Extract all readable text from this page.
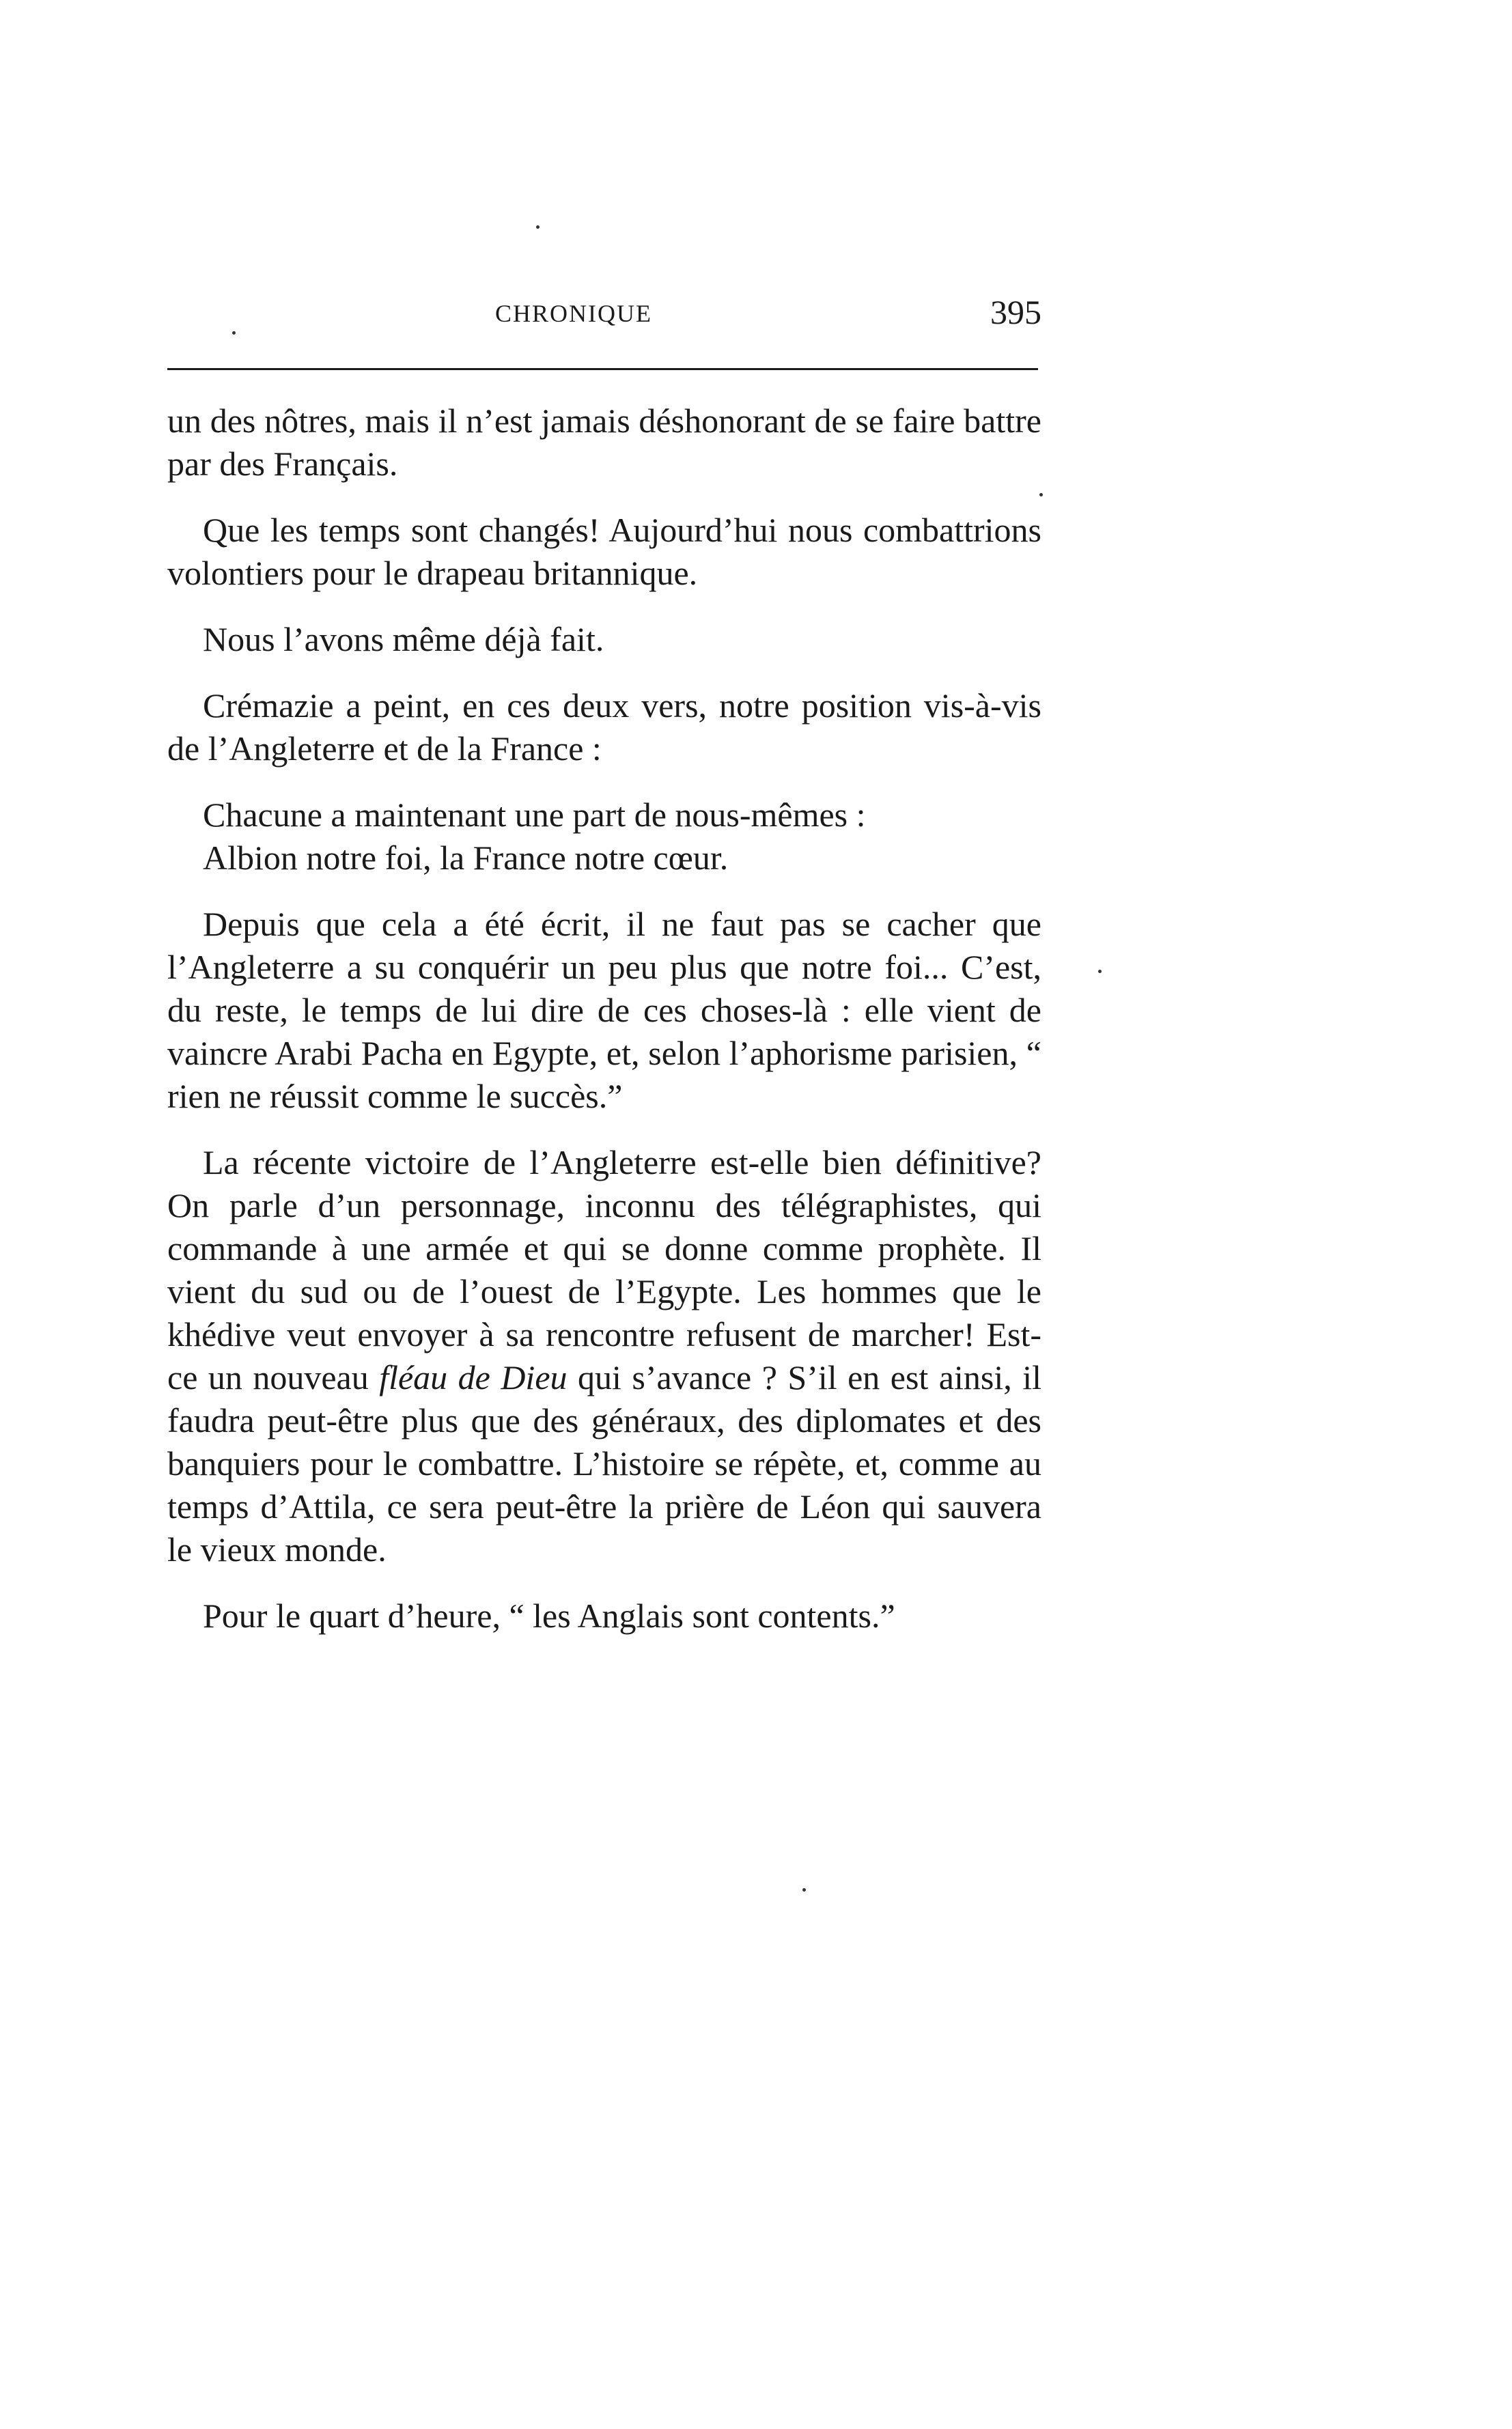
CHRONIQUE	395

un des nôtres, mais il n’est jamais déshonorant de se faire battre par des Français.

Que les temps sont changés! Aujourd’hui nous combattrions volontiers pour le drapeau britannique.

Nous l’avons même déjà fait.

Crémazie a peint, en ces deux vers, notre position vis-à-vis de l’Angleterre et de la France :

Chacune a maintenant une part de nous-mêmes :
Albion notre foi, la France notre cœur.

Depuis que cela a été écrit, il ne faut pas se cacher que l’Angleterre a su conquérir un peu plus que notre foi... C’est, du reste, le temps de lui dire de ces choses-là : elle vient de vaincre Arabi Pacha en Egypte, et, selon l’aphorisme parisien, “ rien ne réussit comme le succès.”

La récente victoire de l’Angleterre est-elle bien définitive? On parle d’un personnage, inconnu des télégraphistes, qui commande à une armée et qui se donne comme prophète. Il vient du sud ou de l’ouest de l’Egypte. Les hommes que le khédive veut envoyer à sa rencontre refusent de marcher! Est-ce un nouveau fléau de Dieu qui s’avance ? S’il en est ainsi, il faudra peut-être plus que des généraux, des diplomates et des banquiers pour le combattre. L’histoire se répète, et, comme au temps d’Attila, ce sera peut-être la prière de Léon qui sauvera le vieux monde.

Pour le quart d’heure, “ les Anglais sont contents.”
